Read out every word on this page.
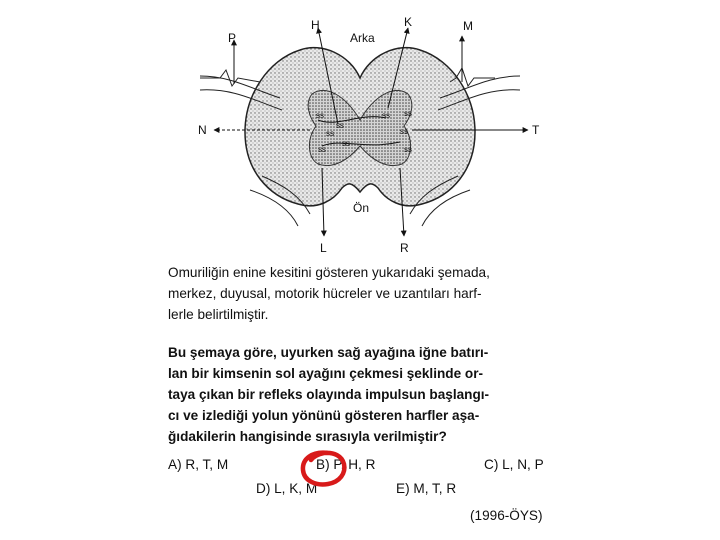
ss
ss
ss ss
ss	ss
ss
ss	ss
P
H	K	M
Arka
N	T
Ön
L	R

Omuriliğin enine kesitini gösteren yukarıdaki şemada,
merkez, duyusal, motorik hücreler ve uzantıları harf-
lerle belirtilmiştir.

Bu şemaya göre, uyurken sağ ayağına iğne batırı-
lan bir kimsenin sol ayağını çekmesi şeklinde or-
taya çıkan bir refleks olayında impulsun başlangı-
cı ve izlediği yolun yönünü gösteren harfler aşa-
ğıdakilerin hangisinde sırasıyla verilmiştir?

A) R, T, M	B) P, H, R	C) L, N, P
D) L, K, M	E) M, T, R
(1996-ÖYS)
